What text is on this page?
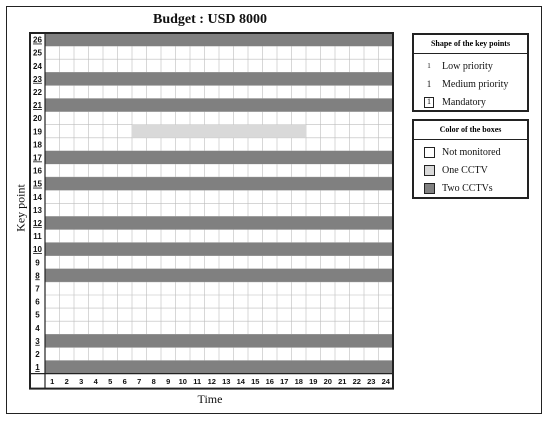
Budget : USD 8000
Key point
Time
1
2
3
4
5
6
7
8
9
10
11
12
13
14
15
16
17
18
19
20
21
22
23
24
25
26
1 2 3 4 5 6 7 8 9 10 11 12 13 14 15 16 17 18 19 20 21 22 23 24
Shape of the key points
1 Low priority
1 Medium priority
1	Mandatory
Color of the boxes
Not monitored
One CCTV
Two CCTVs
